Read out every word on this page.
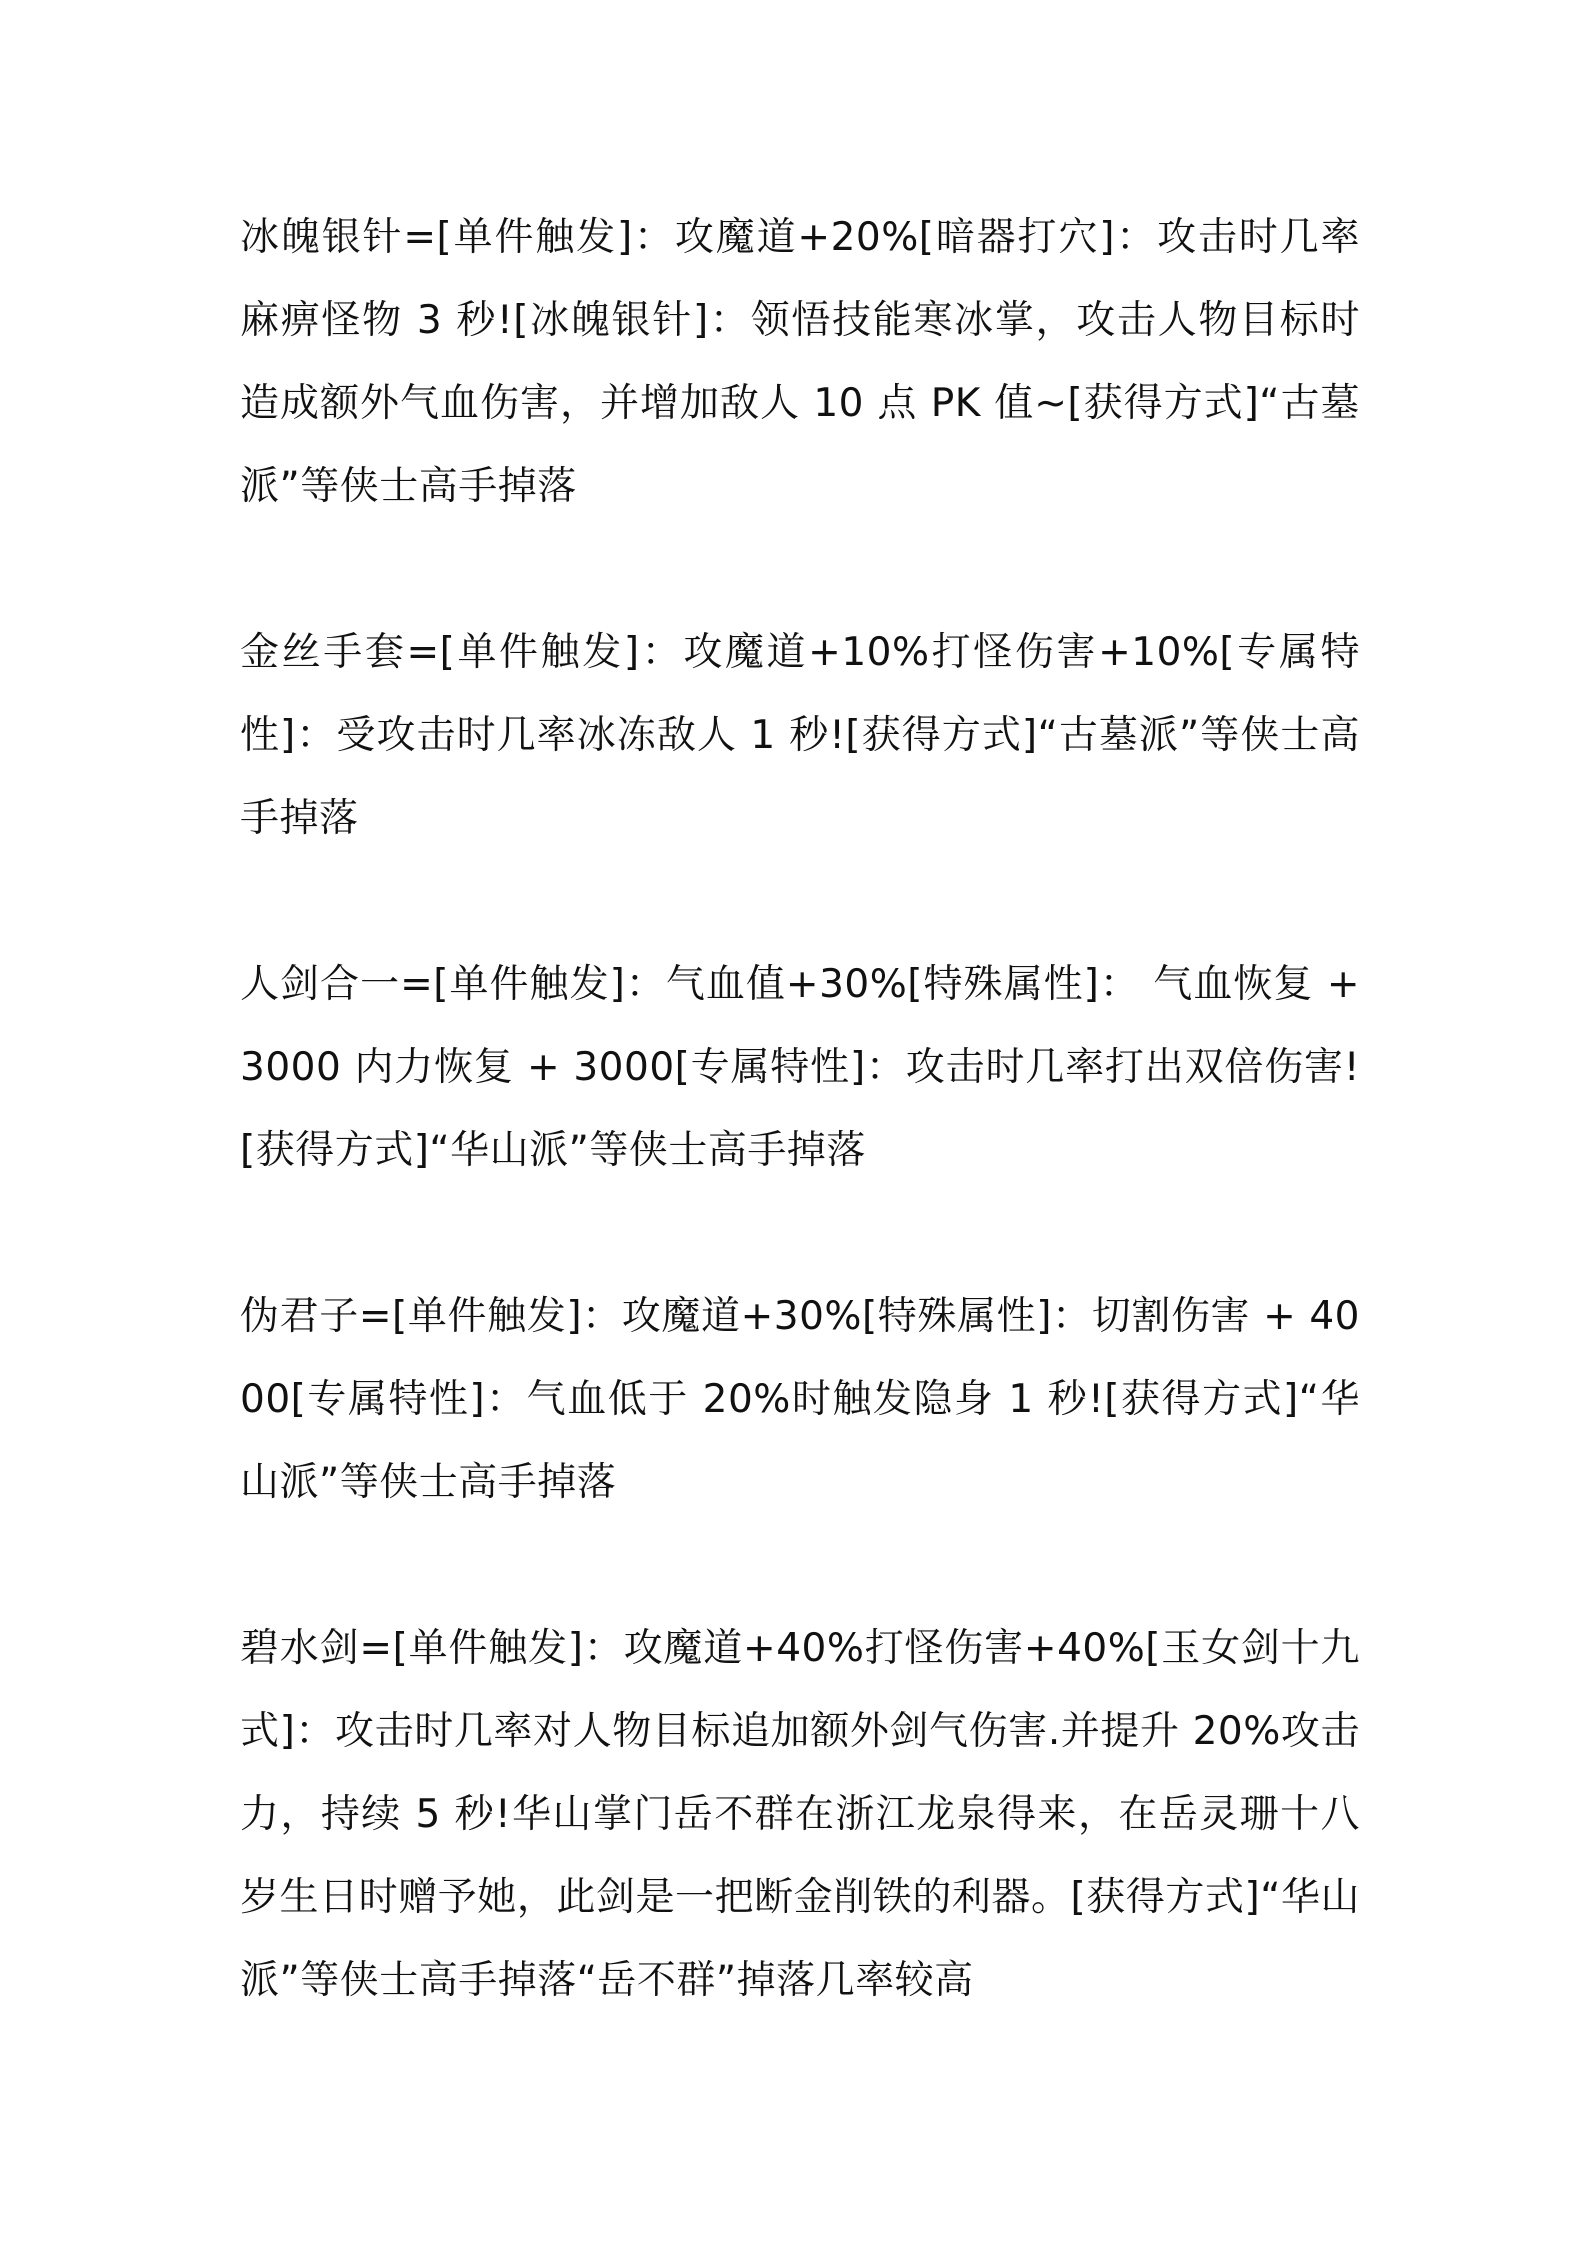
冰魄银针=[单件触发]：攻魔道+20%[暗器打穴]：攻击时几率麻痹怪物 3 秒![冰魄银针]：领悟技能寒冰掌，攻击人物目标时造成额外气血伤害，并增加敌人 10 点 PK 值~[获得方式]“古墓派”等侠士高手掉落

金丝手套=[单件触发]：攻魔道+10%打怪伤害+10%[专属特性]：受攻击时几率冰冻敌人 1 秒![获得方式]“古墓派”等侠士高手掉落

人剑合一=[单件触发]：气血值+30%[特殊属性]： 气血恢复 + 3000 内力恢复 + 3000[专属特性]：攻击时几率打出双倍伤害![获得方式]“华山派”等侠士高手掉落

伪君子=[单件触发]：攻魔道+30%[特殊属性]：切割伤害 + 4000[专属特性]：气血低于 20%时触发隐身 1 秒![获得方式]“华山派”等侠士高手掉落

碧水剑=[单件触发]：攻魔道+40%打怪伤害+40%[玉女剑十九式]：攻击时几率对人物目标追加额外剑气伤害.并提升 20%攻击力，持续 5 秒!华山掌门岳不群在浙江龙泉得来，在岳灵珊十八岁生日时赠予她，此剑是一把断金削铁的利器。[获得方式]“华山派”等侠士高手掉落“岳不群”掉落几率较高
